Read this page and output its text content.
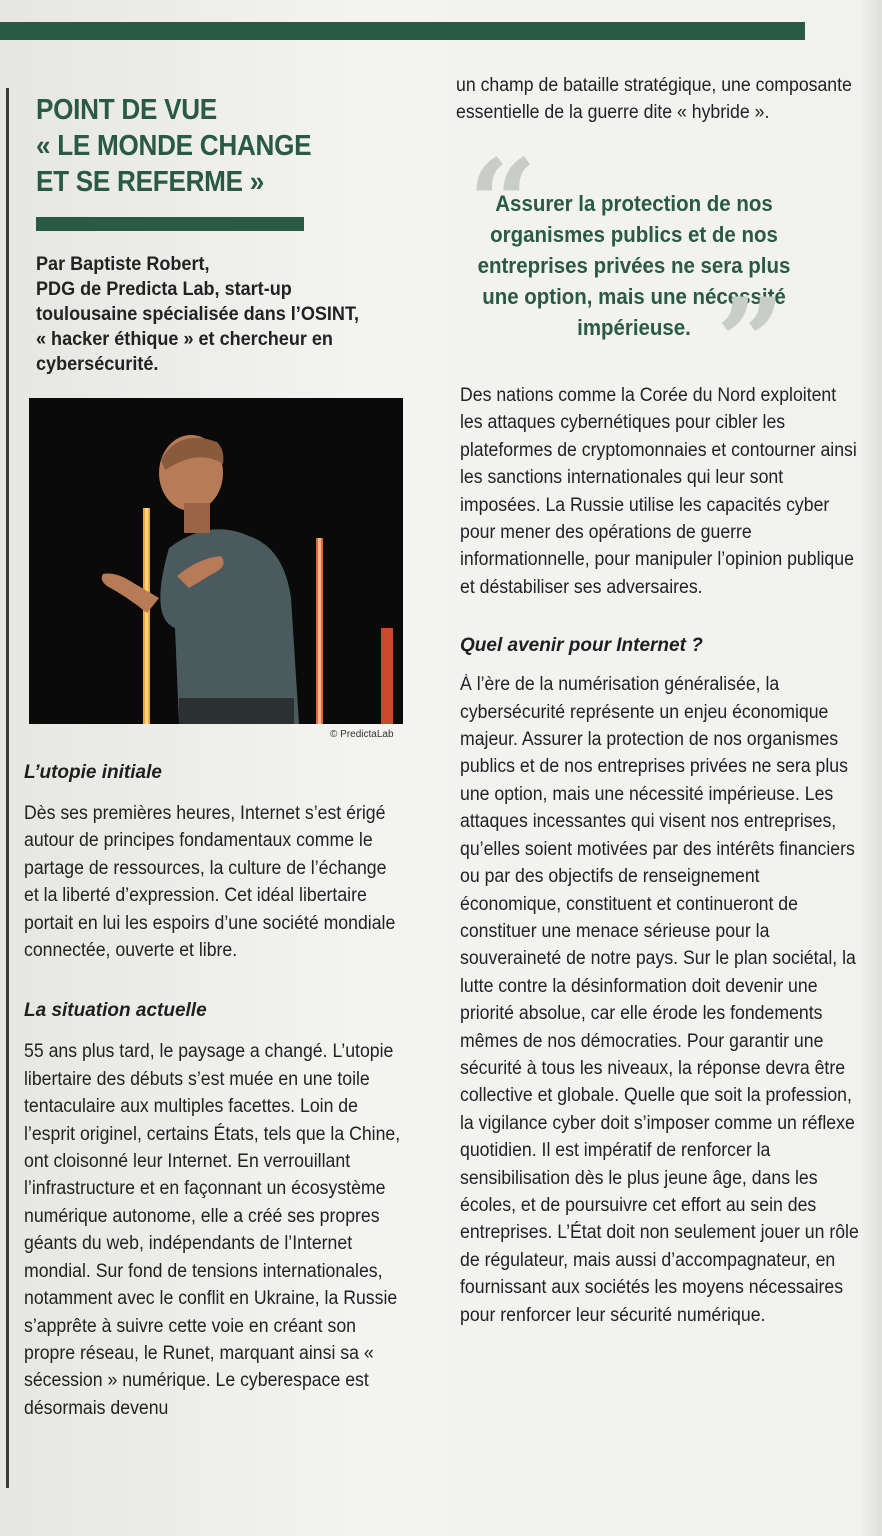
POINT DE VUE
« LE MONDE CHANGE
ET SE REFERME »
Par Baptiste Robert,
PDG de Predicta Lab, start-up
toulousaine spécialisée dans l’OSINT,
« hacker éthique » et chercheur en
cybersécurité.
© PredictaLab

L’utopie initiale

Dès ses premières heures, Internet s’est érigé autour de principes fondamentaux comme le partage de ressources, la culture de l’échange et la liberté d’expression. Cet idéal libertaire portait en lui les espoirs d’une société mondiale connectée, ouverte et libre.

La situation actuelle

55 ans plus tard, le paysage a changé. L’utopie libertaire des débuts s’est muée en une toile tentaculaire aux multiples facettes. Loin de l’esprit originel, certains États, tels que la Chine, ont cloisonné leur Internet. En verrouillant l’infrastructure et en façonnant un écosystème numérique autonome, elle a créé ses propres géants du web, indépendants de l’Internet mondial. Sur fond de tensions internationales, notamment avec le conflit en Ukraine, la Russie s’apprête à suivre cette voie en créant son propre réseau, le Runet, marquant ainsi sa « sécession » numérique. Le cyberespace est désormais devenu

un champ de bataille stratégique, une composante essentielle de la guerre dite « hybride ».

“
Assurer la protection de nos organismes publics et de nos entreprises privées ne sera plus une option, mais une nécessité impérieuse. ”

Des nations comme la Corée du Nord exploitent les attaques cybernétiques pour cibler les plateformes de cryptomonnaies et contourner ainsi les sanctions internationales qui leur sont imposées. La Russie utilise les capacités cyber pour mener des opérations de guerre informationnelle, pour manipuler l’opinion publique et déstabiliser ses adversaires.

Quel avenir pour Internet ?

À l’ère de la numérisation généralisée, la cybersécurité représente un enjeu économique majeur. Assurer la protection de nos organismes publics et de nos entreprises privées ne sera plus une option, mais une nécessité impérieuse. Les attaques incessantes qui visent nos entreprises, qu’elles soient motivées par des intérêts financiers ou par des objectifs de renseignement économique, constituent et continueront de constituer une menace sérieuse pour la souveraineté de notre pays. Sur le plan sociétal, la lutte contre la désinformation doit devenir une priorité absolue, car elle érode les fondements mêmes de nos démocraties. Pour garantir une sécurité à tous les niveaux, la réponse devra être collective et globale. Quelle que soit la profession, la vigilance cyber doit s’imposer comme un réflexe quotidien. Il est impératif de renforcer la sensibilisation dès le plus jeune âge, dans les écoles, et de poursuivre cet effort au sein des entreprises. L’État doit non seulement jouer un rôle de régulateur, mais aussi d’accompagnateur, en fournissant aux sociétés les moyens nécessaires pour renforcer leur sécurité numérique.
